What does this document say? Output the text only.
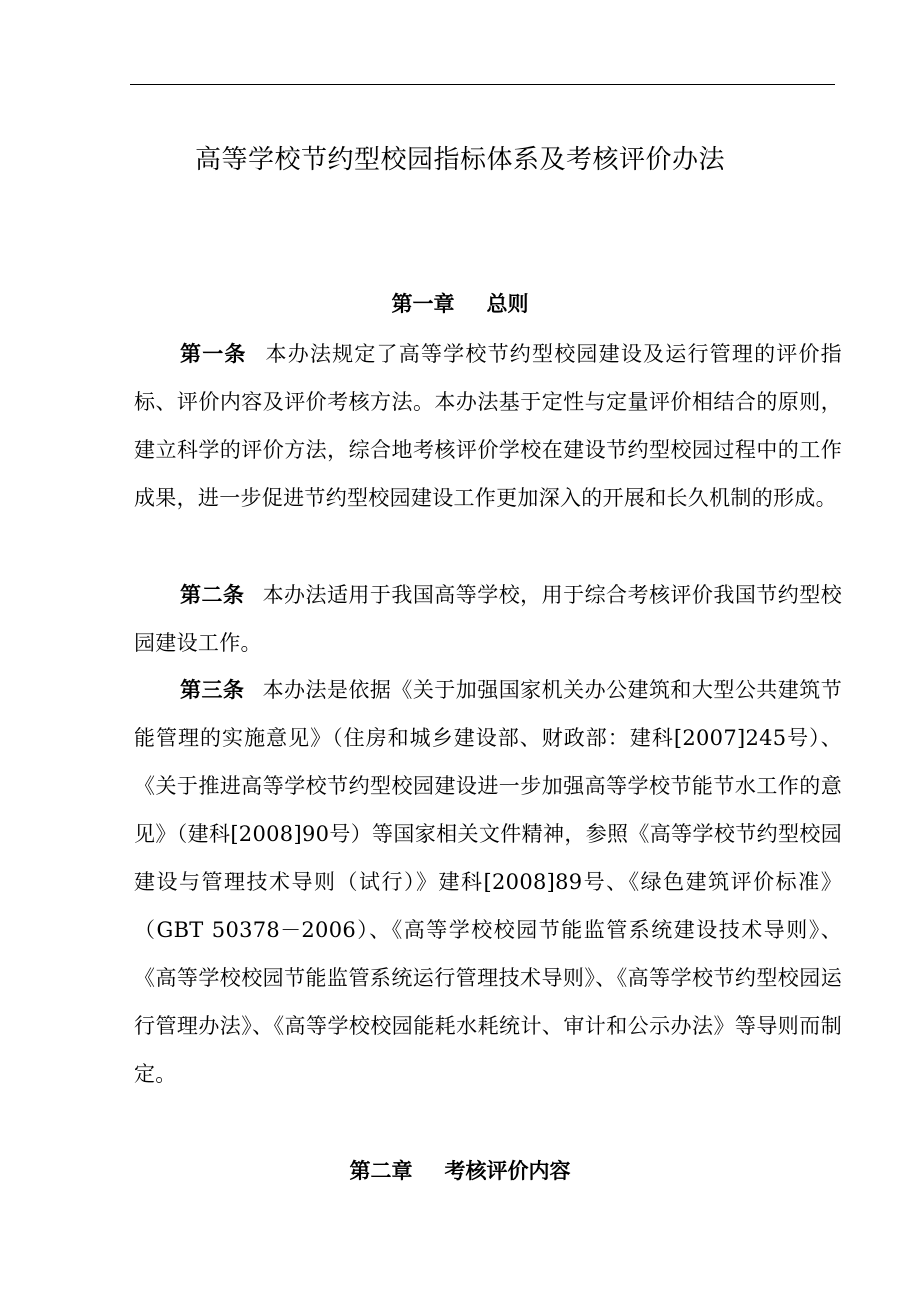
高等学校节约型校园指标体系及考核评价办法
第一章 总则

第一条 本办法规定了高等学校节约型校园建设及运行管理的评价指标、评价内容及评价考核方法。本办法基于定性与定量评价相结合的原则，建立科学的评价方法，综合地考核评价学校在建设节约型校园过程中的工作成果，进一步促进节约型校园建设工作更加深入的开展和长久机制的形成。

第二条 本办法适用于我国高等学校，用于综合考核评价我国节约型校园建设工作。

第三条 本办法是依据《关于加强国家机关办公建筑和大型公共建筑节能管理的实施意见》（住房和城乡建设部、财政部：建科[2007]245号）、《关于推进高等学校节约型校园建设进一步加强高等学校节能节水工作的意见》（建科[2008]90号）等国家相关文件精神，参照《高等学校节约型校园建设与管理技术导则（试行）》建科[2008]89号、《绿色建筑评价标准》（GBT 50378－2006）、《高等学校校园节能监管系统建设技术导则》、《高等学校校园节能监管系统运行管理技术导则》、《高等学校节约型校园运行管理办法》、《高等学校校园能耗水耗统计、审计和公示办法》等导则而制定。

第二章 考核评价内容
